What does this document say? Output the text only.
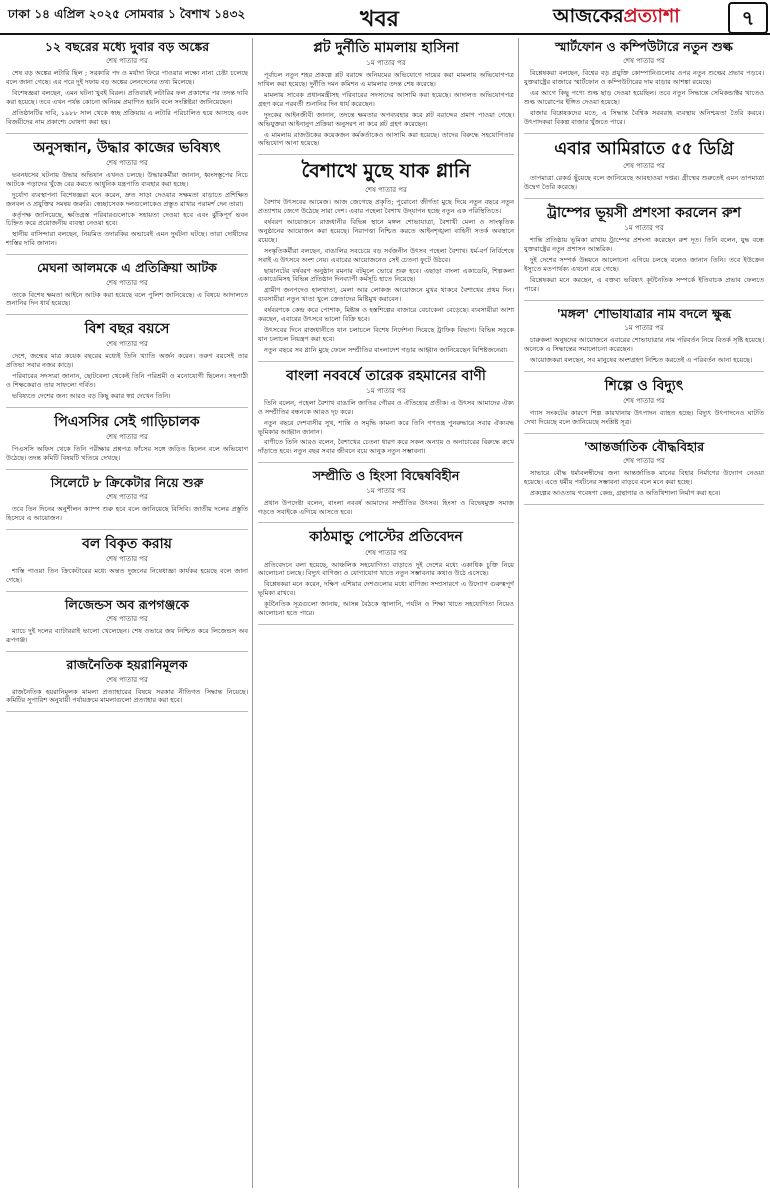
ঢাকা ১৪ এপ্রিল ২০২৫ সোমবার ১ বৈশাখ ১৪৩২	খবর	আজকেরপ্রত্যাশা	৭
১২ বছরের মধ্যে দুবার বড় অঙ্কের
শেষ পাতার পর

শেষ বড় অঙ্কের লটারি ছিল ; সরকারি পদ ও মর্যাদা ফিরে পাওয়ার লক্ষ্যে নানা চেষ্টা চলেছে বলে জানা গেছে। এর পরে দুই দফায় বড় অঙ্কের লেনদেনের তথ্য মিলেছে।

বিশেষজ্ঞরা বলছেন, এমন ঘটনা খুবই বিরল। প্রতিবারই লটারির ফল প্রকাশের পর তদন্ত দাবি করা হয়েছে। তবে এখন পর্যন্ত কোনো অনিয়ম প্রমাণিত হয়নি বলে সংশ্লিষ্টরা জানিয়েছেন।

প্রতিষ্ঠানটির দাবি, ১৯৮৮ সাল থেকে স্বচ্ছ প্রক্রিয়ায় এ লটারি পরিচালিত হয়ে আসছে এবং বিজয়ীদের নাম প্রকাশ্যে ঘোষণা করা হয়।

অনুসন্ধান, উদ্ধার কাজের ভবিষ্যৎ
শেষ পাতার পর

ভবনধসের ঘটনায় উদ্ধার অভিযান এখনও চলছে। উদ্ধারকর্মীরা জানান, ধ্বংসস্তূপের নিচে আটকে পড়াদের খুঁজে বের করতে আধুনিক যন্ত্রপাতি ব্যবহার করা হচ্ছে।

দুর্যোগ ব্যবস্থাপনা বিশেষজ্ঞরা মনে করেন, দ্রুত সাড়া দেওয়ার সক্ষমতা বাড়াতে প্রশিক্ষিত জনবল ও প্রযুক্তির সমন্বয় জরুরি। স্বেচ্ছাসেবক দলগুলোকেও প্রস্তুত রাখার পরামর্শ দেন তারা।

কর্তৃপক্ষ জানিয়েছে, ক্ষতিগ্রস্ত পরিবারগুলোকে সহায়তা দেওয়া হবে এবং ঝুঁকিপূর্ণ ভবন চিহ্নিত করে প্রয়োজনীয় ব্যবস্থা নেওয়া হবে।

স্থানীয় বাসিন্দারা বলছেন, নিয়মিত তদারকির অভাবেই এমন দুর্ঘটনা ঘটছে। তারা দোষীদের শাস্তির দাবি জানান।

মেঘনা আলমকে এ প্রতিক্রিয়া আটক
শেষ পাতার পর

তাকে বিশেষ ক্ষমতা আইনে আটক করা হয়েছে বলে পুলিশ জানিয়েছে। এ বিষয়ে আদালতে শুনানির দিন ধার্য হয়েছে।

বিশ বছর বয়সে
শেষ পাতার পর

দেশে, জন্মের মাত্র কয়েক বছরের মধ্যেই তিনি খ্যাতি অর্জন করেন। তরুণ বয়সেই তার প্রতিভা সবার নজর কাড়ে।

পরিবারের সদস্যরা জানান, ছোটবেলা থেকেই তিনি পরিশ্রমী ও মনোযোগী ছিলেন। সহপাঠী ও শিক্ষকেরাও তার সাফল্যে গর্বিত।

ভবিষ্যতে দেশের জন্য আরও বড় কিছু করার স্বপ্ন দেখেন তিনি।

পিএসসির সেই গাড়িচালক
শেষ পাতার পর

পিএসসি অফিস থেকে তিনি পরীক্ষার প্রশ্নপত্র ফাঁসের সঙ্গে জড়িত ছিলেন বলে অভিযোগ উঠেছে। তদন্ত কমিটি বিষয়টি খতিয়ে দেখছে।

সিলেটে ৮ ক্রিকেটার নিয়ে শুরু
শেষ পাতার পর

তবে তিন দিনের অনুশীলন ক্যাম্প শুরু হবে বলে জানিয়েছে বিসিবি। জাতীয় দলের প্রস্তুতি হিসেবে এ আয়োজন।

বল বিকৃত করায়
শেষ পাতার পর

শাস্তি পাওয়া তিন ক্রিকেটারের মধ্যে অন্তত দুজনের নিষেধাজ্ঞা কার্যকর হয়েছে বলে জানা গেছে।

লিজেন্ডস অব রূপগঞ্জকে
শেষ পাতার পর

ম্যাচে দুই দলের ব্যাটাররাই ভালো খেলেছেন। শেষ ওভারে জয় নিশ্চিত করে লিজেন্ডস অব রূপগঞ্জ।

রাজনৈতিক হয়রানিমূলক
শেষ পাতার পর

রাজনৈতিক হয়রানিমূলক মামলা প্রত্যাহারের বিষয়ে সরকার নীতিগত সিদ্ধান্ত নিয়েছে। কমিটির সুপারিশ অনুযায়ী পর্যায়ক্রমে মামলাগুলো প্রত্যাহার করা হবে।

প্লট দুর্নীতি মামলায় হাসিনা
১ম পাতার পর

পূর্বাচল নতুন শহর প্রকল্পে প্লট বরাদ্দে অনিয়মের অভিযোগে দায়ের করা মামলায় অভিযোগপত্র দাখিল করা হয়েছে। দুর্নীতি দমন কমিশন এ মামলার তদন্ত শেষ করেছে।

মামলায় সাবেক প্রধানমন্ত্রীসহ পরিবারের সদস্যদের আসামি করা হয়েছে। আদালত অভিযোগপত্র গ্রহণ করে পরবর্তী শুনানির দিন ধার্য করেছেন।

দুদকের আইনজীবী জানান, তদন্তে ক্ষমতার অপব্যবহার করে প্লট বরাদ্দের প্রমাণ পাওয়া গেছে। অভিযুক্তরা আইনানুগ প্রক্রিয়া অনুসরণ না করে প্লট গ্রহণ করেছেন।

এ মামলায় রাজউকের কয়েকজন কর্মকর্তাকেও আসামি করা হয়েছে। তাদের বিরুদ্ধে সহযোগিতার অভিযোগ আনা হয়েছে।

বৈশাখে মুছে যাক গ্লানি
শেষ পাতার পর

বৈশাখ উৎসবের আমেজ। আজ জেগেছে প্রকৃতি; পুরোনো জীর্ণতা মুছে দিয়ে নতুন বছরে নতুন প্রত্যাশায় জেগে উঠেছে সারা দেশ। এবার পহেলা বৈশাখ উদ্‌যাপন হচ্ছে নতুন এক পরিস্থিতিতে।

বর্ষবরণ আয়োজনে রাজধানীর বিভিন্ন স্থানে মঙ্গল শোভাযাত্রা, বৈশাখী মেলা ও সাংস্কৃতিক অনুষ্ঠানের আয়োজন করা হয়েছে। নিরাপত্তা নিশ্চিত করতে আইনশৃঙ্খলা বাহিনী সতর্ক অবস্থানে রয়েছে।

সংস্কৃতিকর্মীরা বলছেন, বাঙালির সবচেয়ে বড় সর্বজনীন উৎসব পহেলা বৈশাখ। ধর্ম-বর্ণ নির্বিশেষে সবাই এ উৎসবে অংশ নেয়। এবারের আয়োজনেও সেই চেতনা ফুটে উঠবে।

ছায়ানটের বর্ষবরণ অনুষ্ঠান রমনার বটমূলে ভোরে শুরু হবে। এছাড়া বাংলা একাডেমি, শিল্পকলা একাডেমিসহ বিভিন্ন প্রতিষ্ঠান দিনব্যাপী কর্মসূচি হাতে নিয়েছে।

গ্রামীণ জনপদেও হালখাতা, মেলা আর লোকজ আয়োজনে মুখর থাকবে বৈশাখের প্রথম দিন। ব্যবসায়ীরা নতুন খাতা খুলে ক্রেতাদের মিষ্টিমুখ করাবেন।

বর্ষবরণকে কেন্দ্র করে পোশাক, মিষ্টান্ন ও হস্তশিল্পের বাজারে বেচাকেনা বেড়েছে। ব্যবসায়ীরা আশা করছেন, এবারের উৎসবে ভালো বিক্রি হবে।

উৎসবের দিনে রাজধানীতে যান চলাচলে বিশেষ নির্দেশনা দিয়েছে ট্রাফিক বিভাগ। বিভিন্ন সড়কে যান চলাচল নিয়ন্ত্রণ করা হবে।

নতুন বছরে সব গ্লানি মুছে ফেলে সম্প্রীতির বাংলাদেশ গড়ার আহ্বান জানিয়েছেন বিশিষ্টজনেরা।

বাংলা নববর্ষে তারেক রহমানের বাণী
১ম পাতার পর

তিনি বলেন, পহেলা বৈশাখ বাঙালি জাতির গৌরব ও ঐতিহ্যের প্রতীক। এ উৎসব আমাদের ঐক্য ও সম্প্রীতির বন্ধনকে আরও দৃঢ় করে।

নতুন বছরে দেশবাসীর সুখ, শান্তি ও সমৃদ্ধি কামনা করে তিনি গণতন্ত্র পুনরুদ্ধারে সবার ঐক্যবদ্ধ ভূমিকার আহ্বান জানান।

বাণীতে তিনি আরও বলেন, বৈশাখের চেতনা ধারণ করে সকল অন্যায় ও অনাচারের বিরুদ্ধে রুখে দাঁড়াতে হবে। নতুন বছর সবার জীবনে বয়ে আনুক নতুন সম্ভাবনা।

সম্প্রীতি ও হিংসা বিদ্বেষবিহীন
১ম পাতার পর

প্রধান উপদেষ্টা বলেন, বাংলা নববর্ষ আমাদের সম্প্রীতির উৎসব। হিংসা ও বিদ্বেষমুক্ত সমাজ গড়তে সবাইকে এগিয়ে আসতে হবে।

কাঠমান্ডু পোস্টের প্রতিবেদন
শেষ পাতার পর

প্রতিবেদনে বলা হয়েছে, আঞ্চলিক সহযোগিতা বাড়াতে দুই দেশের মধ্যে একাধিক চুক্তি নিয়ে আলোচনা চলছে। বিদ্যুৎ বাণিজ্য ও যোগাযোগ খাতে নতুন সম্ভাবনার কথাও উঠে এসেছে।

বিশ্লেষকরা মনে করেন, দক্ষিণ এশিয়ার দেশগুলোর মধ্যে বাণিজ্য সম্প্রসারণে এ উদ্যোগ গুরুত্বপূর্ণ ভূমিকা রাখবে।

কূটনৈতিক সূত্রগুলো জানায়, আসন্ন বৈঠকে জ্বালানি, পর্যটন ও শিক্ষা খাতে সহযোগিতা নিয়েও আলোচনা হতে পারে।

স্মার্টফোন ও কম্পিউটারে নতুন শুল্ক
শেষ পাতার পর

বিশ্লেষকরা বলছেন, বিশ্বের বড় প্রযুক্তি কোম্পানিগুলোর ওপর নতুন শুল্কের প্রভাব পড়বে। যুক্তরাষ্ট্রের বাজারে স্মার্টফোন ও কম্পিউটারের দাম বাড়ার আশঙ্কা রয়েছে।

এর আগে কিছু পণ্যে শুল্ক ছাড় দেওয়া হয়েছিল। তবে নতুন সিদ্ধান্তে সেমিকন্ডাক্টর খাতেও শুল্ক আরোপের ইঙ্গিত দেওয়া হয়েছে।

বাজার বিশ্লেষকদের মতে, এ সিদ্ধান্ত বৈশ্বিক সরবরাহ ব্যবস্থায় অনিশ্চয়তা তৈরি করবে। উৎপাদকরা বিকল্প বাজার খুঁজতে পারে।

এবার আমিরাতে ৫৫ ডিগ্রি
শেষ পাতার পর

তাপমাত্রা রেকর্ড ছুঁয়েছে বলে জানিয়েছে আবহাওয়া দপ্তর। গ্রীষ্মের শুরুতেই এমন তাপমাত্রা উদ্বেগ তৈরি করেছে।

ট্রাম্পের ভূয়সী প্রশংসা করলেন রুশ
১ম পাতার পর

শান্তি প্রতিষ্ঠায় ভূমিকা রাখায় ট্রাম্পের প্রশংসা করেছেন রুশ দূত। তিনি বলেন, যুদ্ধ বন্ধে যুক্তরাষ্ট্রের নতুন প্রশাসন আন্তরিক।

দুই দেশের সম্পর্ক উন্নয়নে আলোচনা এগিয়ে চলছে বলেও জানান তিনি। তবে ইউক্রেন ইস্যুতে মতপার্থক্য এখনো রয়ে গেছে।

বিশ্লেষকরা মনে করছেন, এ বক্তব্য ভবিষ্যৎ কূটনৈতিক সম্পর্কে ইতিবাচক প্রভাব ফেলতে পারে।

'মঙ্গল' শোভাযাত্রার নাম বদলে ক্ষুব্ধ
১ম পাতার পর

চারুকলা অনুষদের আয়োজনে এবারের শোভাযাত্রার নাম পরিবর্তন নিয়ে বিতর্ক সৃষ্টি হয়েছে। অনেকে এ সিদ্ধান্তের সমালোচনা করেছেন।

আয়োজকরা বলছেন, সব মানুষের অংশগ্রহণ নিশ্চিত করতেই এ পরিবর্তন আনা হয়েছে।

শিল্পে ও বিদ্যুৎ
শেষ পাতার পর

গ্যাস সংকটের কারণে শিল্প কারখানায় উৎপাদন ব্যাহত হচ্ছে। বিদ্যুৎ উৎপাদনেও ঘাটতি দেখা দিয়েছে বলে জানিয়েছে সংশ্লিষ্ট সূত্র।

'আন্তর্জাতিক বৌদ্ধবিহার
শেষ পাতার পর

সাভারে বৌদ্ধ ধর্মাবলম্বীদের জন্য আন্তর্জাতিক মানের বিহার নির্মাণের উদ্যোগ নেওয়া হয়েছে। এতে ধর্মীয় পর্যটনের সম্ভাবনা বাড়বে বলে মনে করা হচ্ছে।

প্রকল্পের আওতায় গবেষণা কেন্দ্র, গ্রন্থাগার ও অতিথিশালা নির্মাণ করা হবে।
